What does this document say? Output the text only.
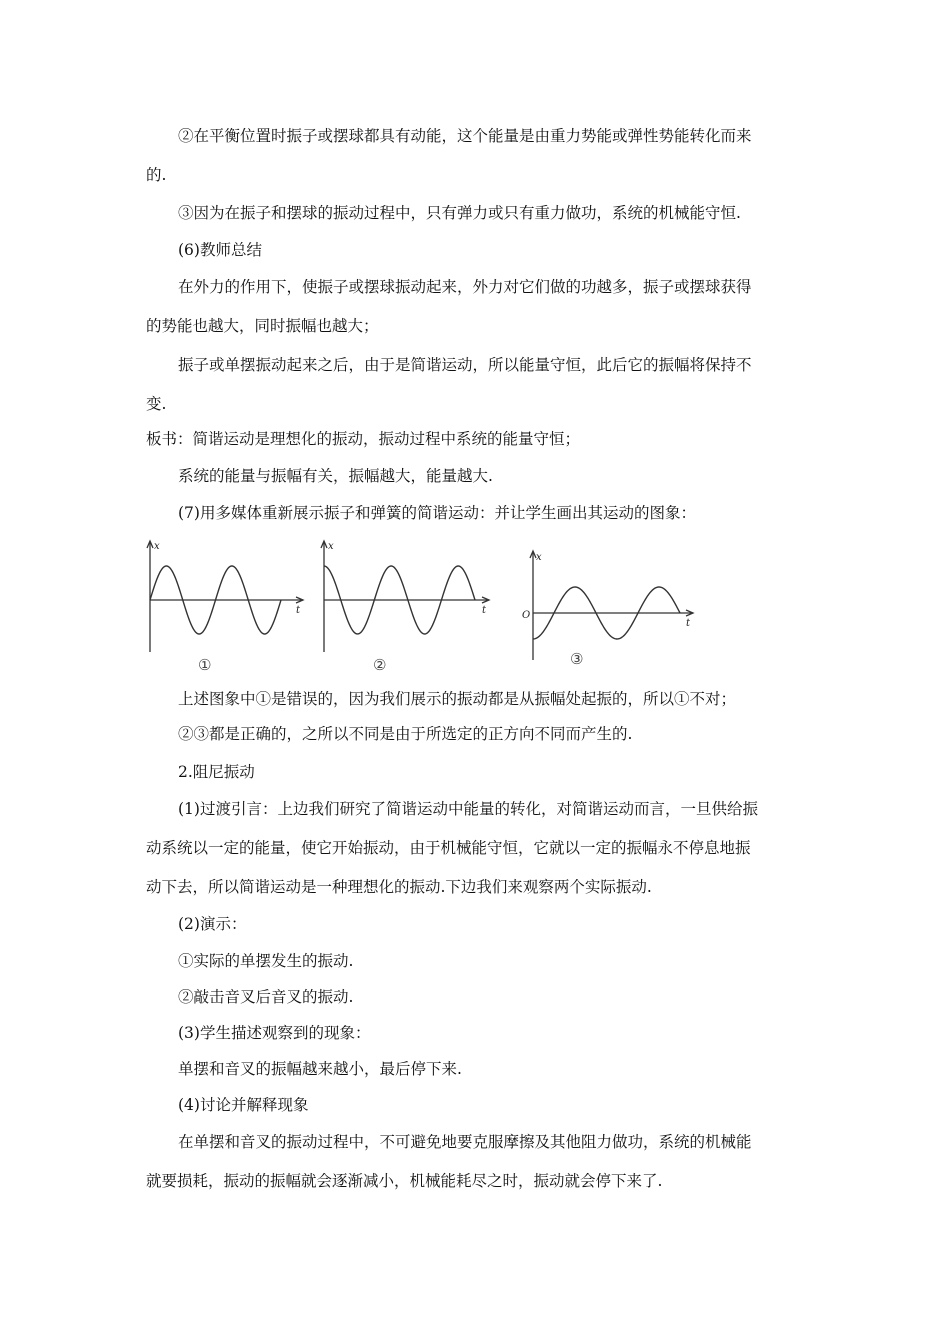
②在平衡位置时振子或摆球都具有动能，这个能量是由重力势能或弹性势能转化而来
的.
③因为在振子和摆球的振动过程中，只有弹力或只有重力做功，系统的机械能守恒.
(6)教师总结
在外力的作用下，使振子或摆球振动起来，外力对它们做的功越多，振子或摆球获得
的势能也越大，同时振幅也越大；
振子或单摆振动起来之后，由于是简谐运动，所以能量守恒，此后它的振幅将保持不
变.
板书：简谐运动是理想化的振动，振动过程中系统的能量守恒；
系统的能量与振幅有关，振幅越大，能量越大.
(7)用多媒体重新展示振子和弹簧的简谐运动：并让学生画出其运动的图象：
x
t
①
x
t
②
x
t
O
③
上述图象中①是错误的，因为我们展示的振动都是从振幅处起振的，所以①不对；
②③都是正确的，之所以不同是由于所选定的正方向不同而产生的.
2.阻尼振动
(1)过渡引言：上边我们研究了简谐运动中能量的转化，对简谐运动而言，一旦供给振
动系统以一定的能量，使它开始振动，由于机械能守恒，它就以一定的振幅永不停息地振
动下去，所以简谐运动是一种理想化的振动.下边我们来观察两个实际振动.
(2)演示：
①实际的单摆发生的振动.
②敲击音叉后音叉的振动.
(3)学生描述观察到的现象：
单摆和音叉的振幅越来越小，最后停下来.
(4)讨论并解释现象
在单摆和音叉的振动过程中，不可避免地要克服摩擦及其他阻力做功，系统的机械能
就要损耗，振动的振幅就会逐渐减小，机械能耗尽之时，振动就会停下来了.
